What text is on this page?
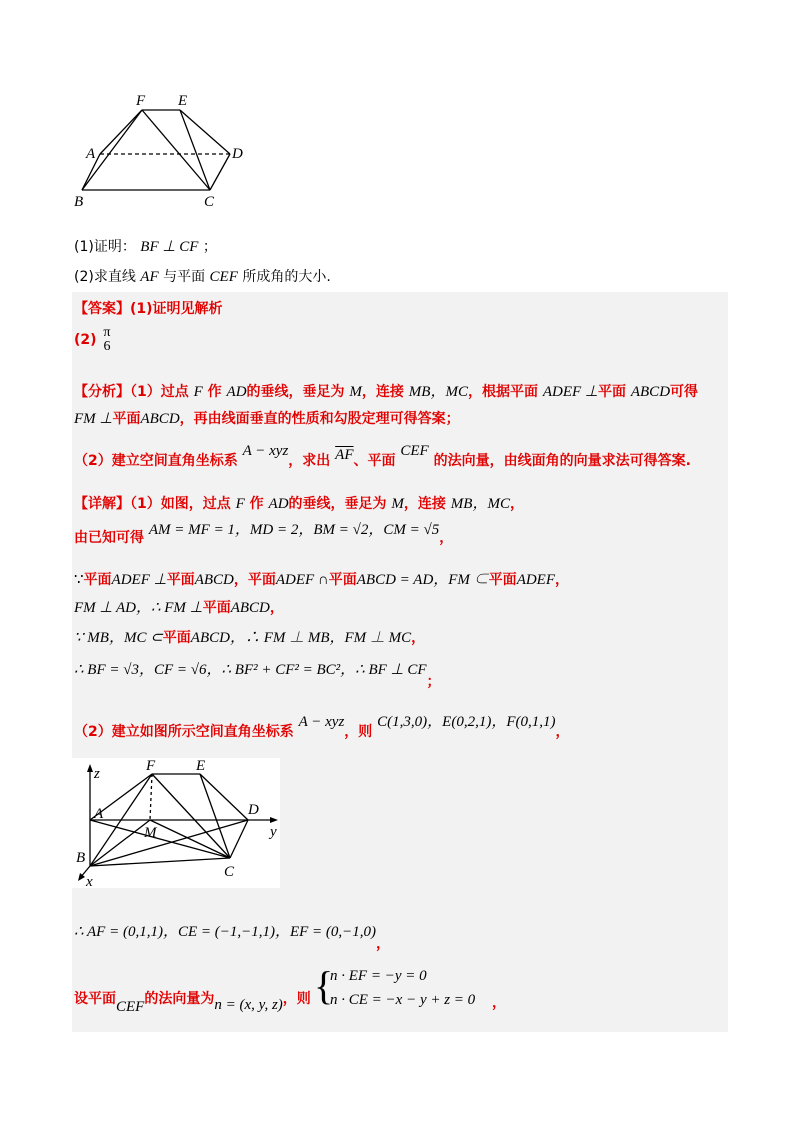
F E
A	D
B	C
(1)证明： BF ⊥ CF ；
(2)求直线 AF 与平面 CEF 所成角的大小.
【答案】(1)证明见解析
(2) π
6
【分析】（1）过点 F 作 AD的垂线，垂足为 M，连接 MB，MC，根据平面 ADEF ⊥平面 ABCD可得
FM ⊥平面ABCD，再由线面垂直的性质和勾股定理可得答案；
（2）建立空间直角坐标系 A − xyz，求出 $\overline{AF}$、平面 CEF 的法向量，由线面角的向量求法可得答案.
【详解】（1）如图，过点 F 作 AD的垂线，垂足为 M，连接 MB，MC，
由已知可得 AM = MF = 1，MD = 2，BM = √2，CM = √5，
∵平面ADEF ⊥平面ABCD，平面ADEF ∩平面ABCD = AD，FM ⊂平面ADEF，
FM ⊥ AD，∴ FM ⊥平面ABCD，
∵ MB，MC ⊂平面ABCD，∴ FM ⊥ MB，FM ⊥ MC，
∴ BF = √3，CF = √6，∴ BF² + CF² = BC²，∴ BF ⊥ CF；
（2）建立如图所示空间直角坐标系 A − xyz，则 C(1,3,0)，E(0,2,1)，F(0,1,1)，
z	F	E
A	D
M	y
B
C
x
∴ AF = (0,1,1)，CE = (−1,−1,1)，EF = (0,−1,0)，
设平面CEF的法向量为n = (x, y, z)，则 {
n · EF = −y = 0
n · CE = −x − y + z = 0 ，
